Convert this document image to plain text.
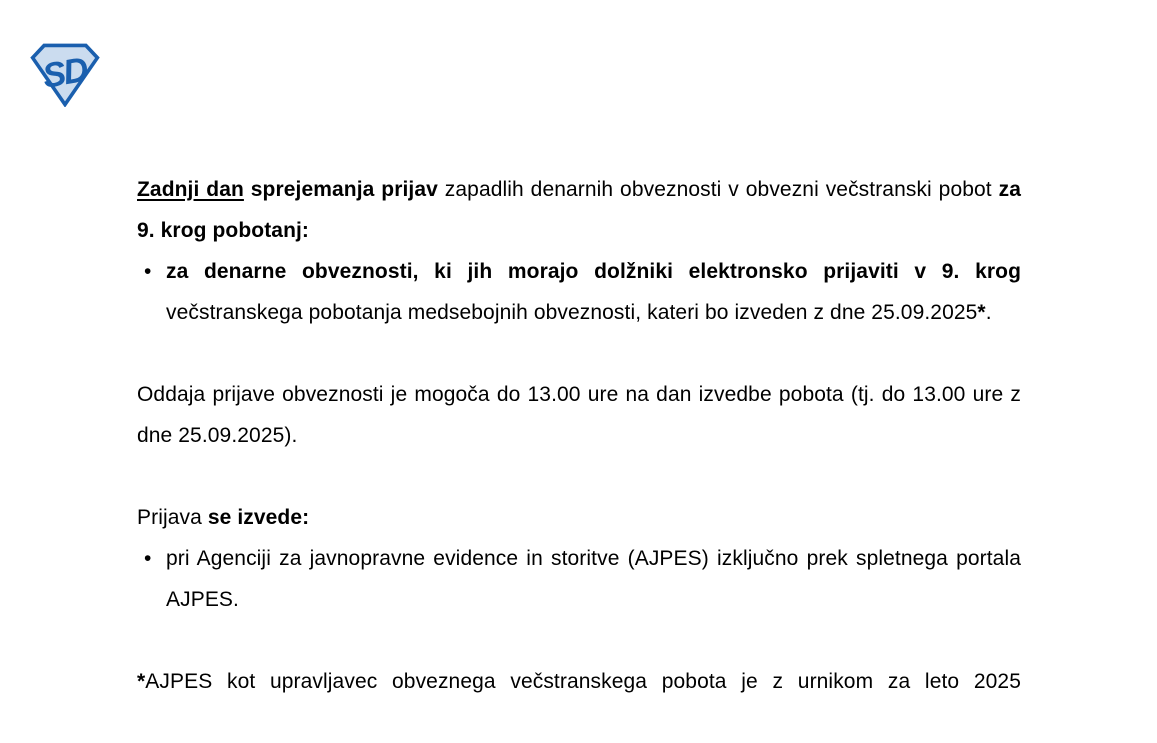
SD

Zadnji dan sprejemanja prijav zapadlih denarnih obveznosti v obvezni večstranski pobot za 9. krog pobotanj:

• za denarne obveznosti, ki jih morajo dolžniki elektronsko prijaviti v 9. krog večstranskega pobotanja medsebojnih obveznosti, kateri bo izveden z dne 25.09.2025*.

Oddaja prijave obveznosti je mogoča do 13.00 ure na dan izvedbe pobota (tj. do 13.00 ure z dne 25.09.2025).

Prijava se izvede:

• pri Agenciji za javnopravne evidence in storitve (AJPES) izključno prek spletnega portala AJPES.

*AJPES kot upravljavec obveznega večstranskega pobota je z urnikom za leto 2025
